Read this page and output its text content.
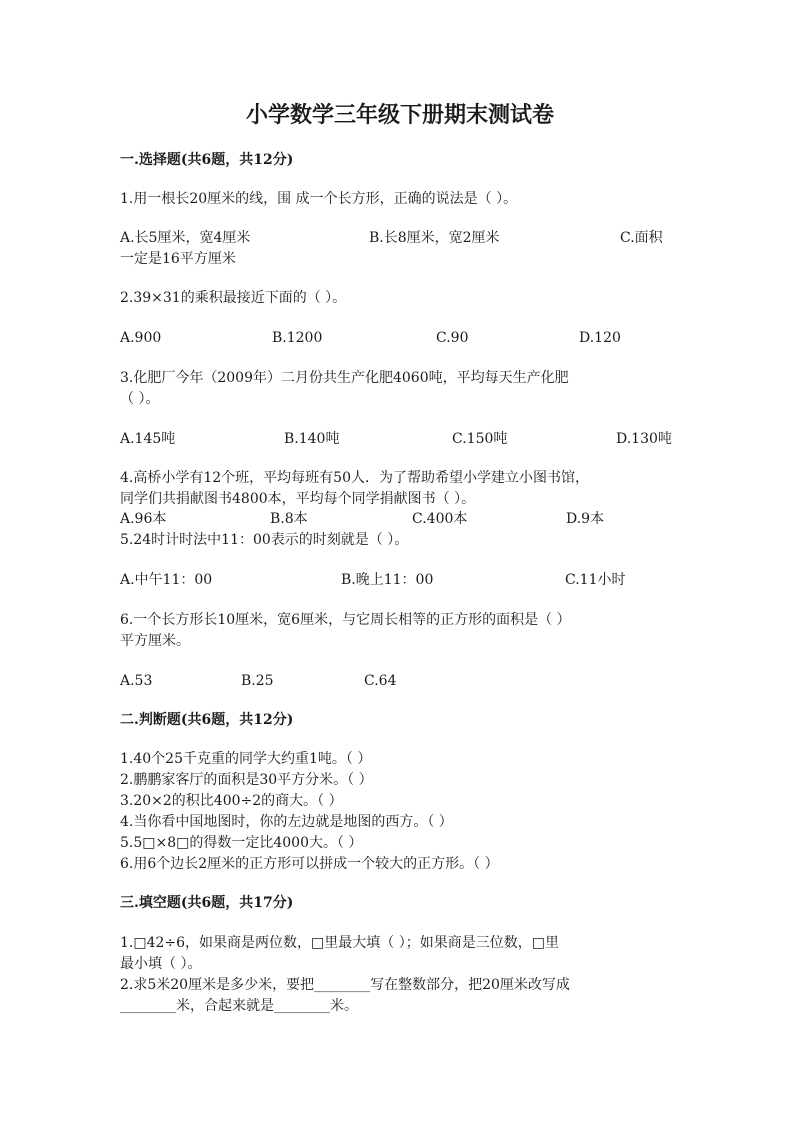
小学数学三年级下册期末测试卷
一.选择题(共6题，共12分)
1.用一根长20厘米的线，围 成一个长方形，正确的说法是（ ）。
A.长5厘米，宽4厘米	B.长8厘米，宽2厘米	C.面积
一定是16平方厘米
2.39×31的乘积最接近下面的（ ）。
A.900	B.1200	C.90	D.120
3.化肥厂今年（2009年）二月份共生产化肥4060吨，平均每天生产化肥
（ ）。
A.145吨	B.140吨	C.150吨	D.130吨
4.高桥小学有12个班，平均每班有50人．为了帮助希望小学建立小图书馆，
同学们共捐献图书4800本，平均每个同学捐献图书（ ）。
A.96本	B.8本	C.400本	D.9本
5.24时计时法中11：00表示的时刻就是（ ）。
A.中午11：00	B.晚上11：00	C.11小时
6.一个长方形长10厘米，宽6厘米，与它周长相等的正方形的面积是（ ）
平方厘米。
A.53	B.25	C.64
二.判断题(共6题，共12分)
1.40个25千克重的同学大约重1吨。（ ）
2.鹏鹏家客厅的面积是30平方分米。（ ）
3.20×2的积比400÷2的商大。（ ）
4.当你看中国地图时，你的左边就是地图的西方。（ ）
5.5□×8□的得数一定比4000大。（ ）
6.用6个边长2厘米的正方形可以拼成一个较大的正方形。（ ）
三.填空题(共6题，共17分)
1.□42÷6，如果商是两位数，□里最大填（ ）；如果商是三位数，□里
最小填（ ）。
2.求5米20厘米是多少米，要把________写在整数部分，把20厘米改写成
________米，合起来就是________米。
